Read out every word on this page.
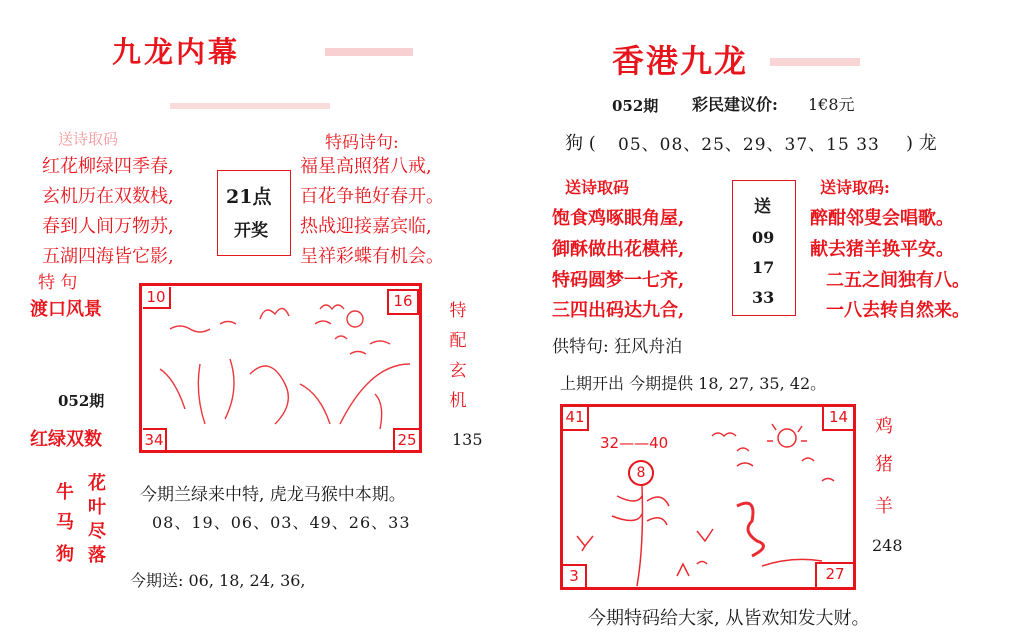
九龙内幕
送诗取码
红花柳绿四季春,
玄机历在双数栈,
春到人间万物苏,
五湖四海皆它影,
21点
开奖
特码诗句:
福星高照猪八戒,
百花争艳好春开。
热战迎接嘉宾临,
呈祥彩蝶有机会。
特 句
渡口风景
052期
红绿双数
10	16
34	25
特
配
玄
机
135
牛
马
狗
花
叶
尽
落
今期兰绿来中特, 虎龙马猴中本期。
08、19、06、03、49、26、33
今期送: 06, 18, 24, 36,
香港九龙
052期 彩民建议价: 1€8元
狗 ( 05、08、25、29、37、15 33 ) 龙
送诗取码
饱食鸡啄眼角屋,
御酥做出花模样,
特码圆梦一七齐,
三四出码达九合,
送
09
17
33
送诗取码:
醉酣邻叟会唱歌。
献去猪羊换平安。
二五之间独有八。
一八去转自然来。
供特句: 狂风舟泊
上期开出 今期提供 18, 27, 35, 42。
41	14
3	27
32——40
8
鸡
猪
羊
248
今期特码给大家, 从皆欢知发大财。
